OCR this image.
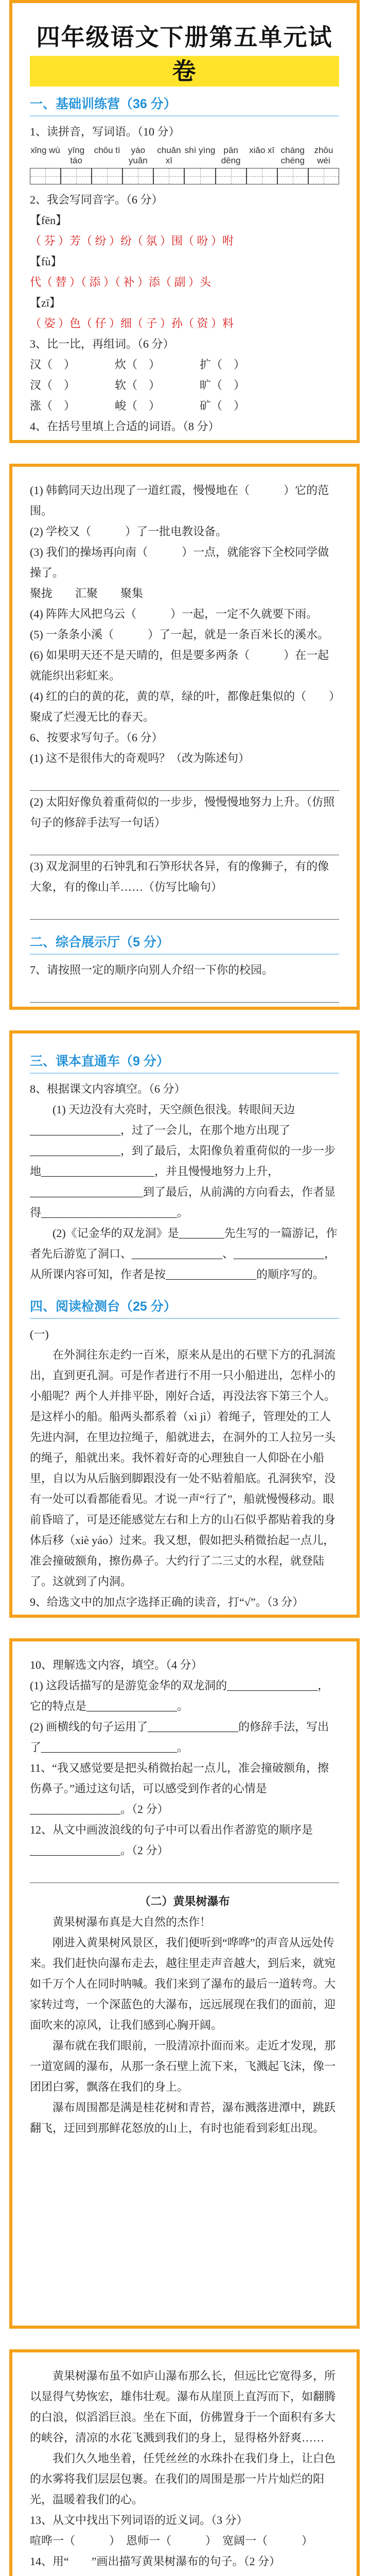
四年级语文下册第五单元试卷
一、基础训练营（36 分）

1、读拼音，写词语。（10 分）

xǐng wù yīng táo
chōu tì	yáo yuǎn
chuǎn xī
shì yìng pān dēng
xiǎo xī cháng chéng
zhōu wéi

2、我会写同音字。（6 分）

【fēn】

（ 芬 ）芳（ 纷 ）纷（ 氛 ）围（ 吩 ）咐

【fù】

代（ 替 ）（ 添 ）（ 补 ）添（ 副 ）头

【zī】

（ 姿 ）色（ 仔 ）细（ 子 ）孙（ 资 ）料

3、比一比，再组词。（6 分）

汉（　）　　　　炊（　）　　　　扩（　）

汊（　）　　　　软（　）　　　　旷（　）

涨（　）　　　　峻（　）　　　　矿（　）

4、在括号里填上合适的词语。（8 分）

(1) 韩鹤同天边出现了一道红霞，慢慢地在（　　　）它的范围。

(2) 学校又（　　　）了一批电教设备。

(3) 我们的操场再向南（　　　）一点，就能容下全校同学做操了。

聚拢　　汇聚　　聚集

(4) 阵阵大风把乌云（　　　）一起，一定不久就要下雨。

(5) 一条条小溪（　　　）了一起，就是一条百米长的溪水。

(6) 如果明天还不是天晴的，但是要多两条（　　　）在一起就能织出彩虹来。

(4) 红的白的黄的花，黄的草，绿的叶，都像赶集似的（　　）聚成了烂漫无比的春天。

6、按要求写句子。（6 分）

(1) 这不是很伟大的奇观吗？（改为陈述句）

(2) 太阳好像负着重荷似的一步步，慢慢慢地努力上升。（仿照句子的修辞手法写一句话）

(3) 双龙洞里的石钟乳和石笋形状各异，有的像狮子，有的像大象，有的像山羊……（仿写比喻句）

二、综合展示厅（5 分）

7、请按照一定的顺序向别人介绍一下你的校园。

三、课本直通车（9 分）

8、根据课文内容填空。（6 分）

(1) 天边没有大亮时，天空颜色很浅。转眼间天边________________，过了一会儿，在那个地方出现了________________，到了最后，太阳像负着重荷似的一步一步地____________________，并且慢慢地努力上升，____________________到了最后，从前满的方向看去，作者显得________________________。

(2)《记金华的双龙洞》是________先生写的一篇游记，作者先后游览了洞口、________________、________________，从所课内容可知，作者是按________________的顺序写的。

四、阅读检测台（25 分）

(一)

在外洞往东走约一百米，原来从是出的石壁下方的孔洞流出，直到更孔洞。可是作者进行不用一只小船进出，怎样小的小船呢？两个人并排平卧，刚好合适，再没法容下第三个人。是这样小的船。船两头都系着（xì jì）着绳子，管理处的工人先进内洞，在里边拉绳子，船就进去，在洞外的工人拉另一头的绳子，船就出来。我怀着好奇的心理独自一人仰卧在小船里，自以为从后脑到脚跟没有一处不贴着船底。孔洞狭窄，没有一处可以看都能看见。才说一声“行了”，船就慢慢移动。眼前昏暗了，可是还能感觉左右和上方的山石似乎都贴着我的身体后移（xiè yáo）过来。我又想，假如把头稍微抬起一点儿，准会撞破额角，擦伤鼻子。大约行了二三丈的水程，就登陆了。这就到了内洞。

9、给选文中的加点字选择正确的读音，打“√”。（3 分）

10、理解选文内容，填空。（4 分）

(1) 这段话描写的是游览金华的双龙洞的________________，它的特点是________________。

(2) 画横线的句子运用了________________的修辞手法，写出了________________________。

11、“我又感觉要是把头稍微抬起一点儿，准会撞破额角，擦伤鼻子。”通过这句话，可以感受到作者的心情是________________。（2 分）

12、从文中画波浪线的句子中可以看出作者游览的顺序是________________。（2 分）

（二）黄果树瀑布

黄果树瀑布真是大自然的杰作！

刚进入黄果树风景区，我们便听到“哗哗”的声音从远处传来。我们赶快向瀑布走去，越往里走声音越大，到后来，就宛如千万个人在同时呐喊。我们来到了瀑布的最后一道转弯。大家转过弯，一个深蓝色的大瀑布，远远展现在我们的面前，迎面吹来的凉风，让我们感到心胸开阔。

瀑布就在我们眼前，一股清凉扑面而来。走近才发现，那一道宽阔的瀑布，从那一条石壁上流下来，飞溅起飞沫，像一团团白雾，飘落在我们的身上。

瀑布周围都是满是桂花树和青苔，瀑布溅落进潭中，跳跃翻飞，迂回到那鲜花怒放的山上，有时也能看到彩虹出现。

黄果树瀑布虽不如庐山瀑布那么长，但远比它宽得多，所以显得气势恢宏，雄伟壮观。瀑布从崖顶上直泻而下，如翻腾的白浪，似滔滔巨浪。坐在下面，仿佛置身于一个面积有多大的峡谷，清凉的水花飞溅到我们的身上，显得格外舒爽……

我们久久地坐着，任凭丝丝的水珠扑在我们身上，让白色的水雾将我们层层包裹。在我们的周围是那一片片灿烂的阳光，温暖着我们的心。

13、从文中找出下列词语的近义词。（3 分）

喧哗一（　　　）　恩师一（　　　）　宽阔一（　　　）

14、用“　　”画出描写黄果树瀑布的句子。（2 分）
